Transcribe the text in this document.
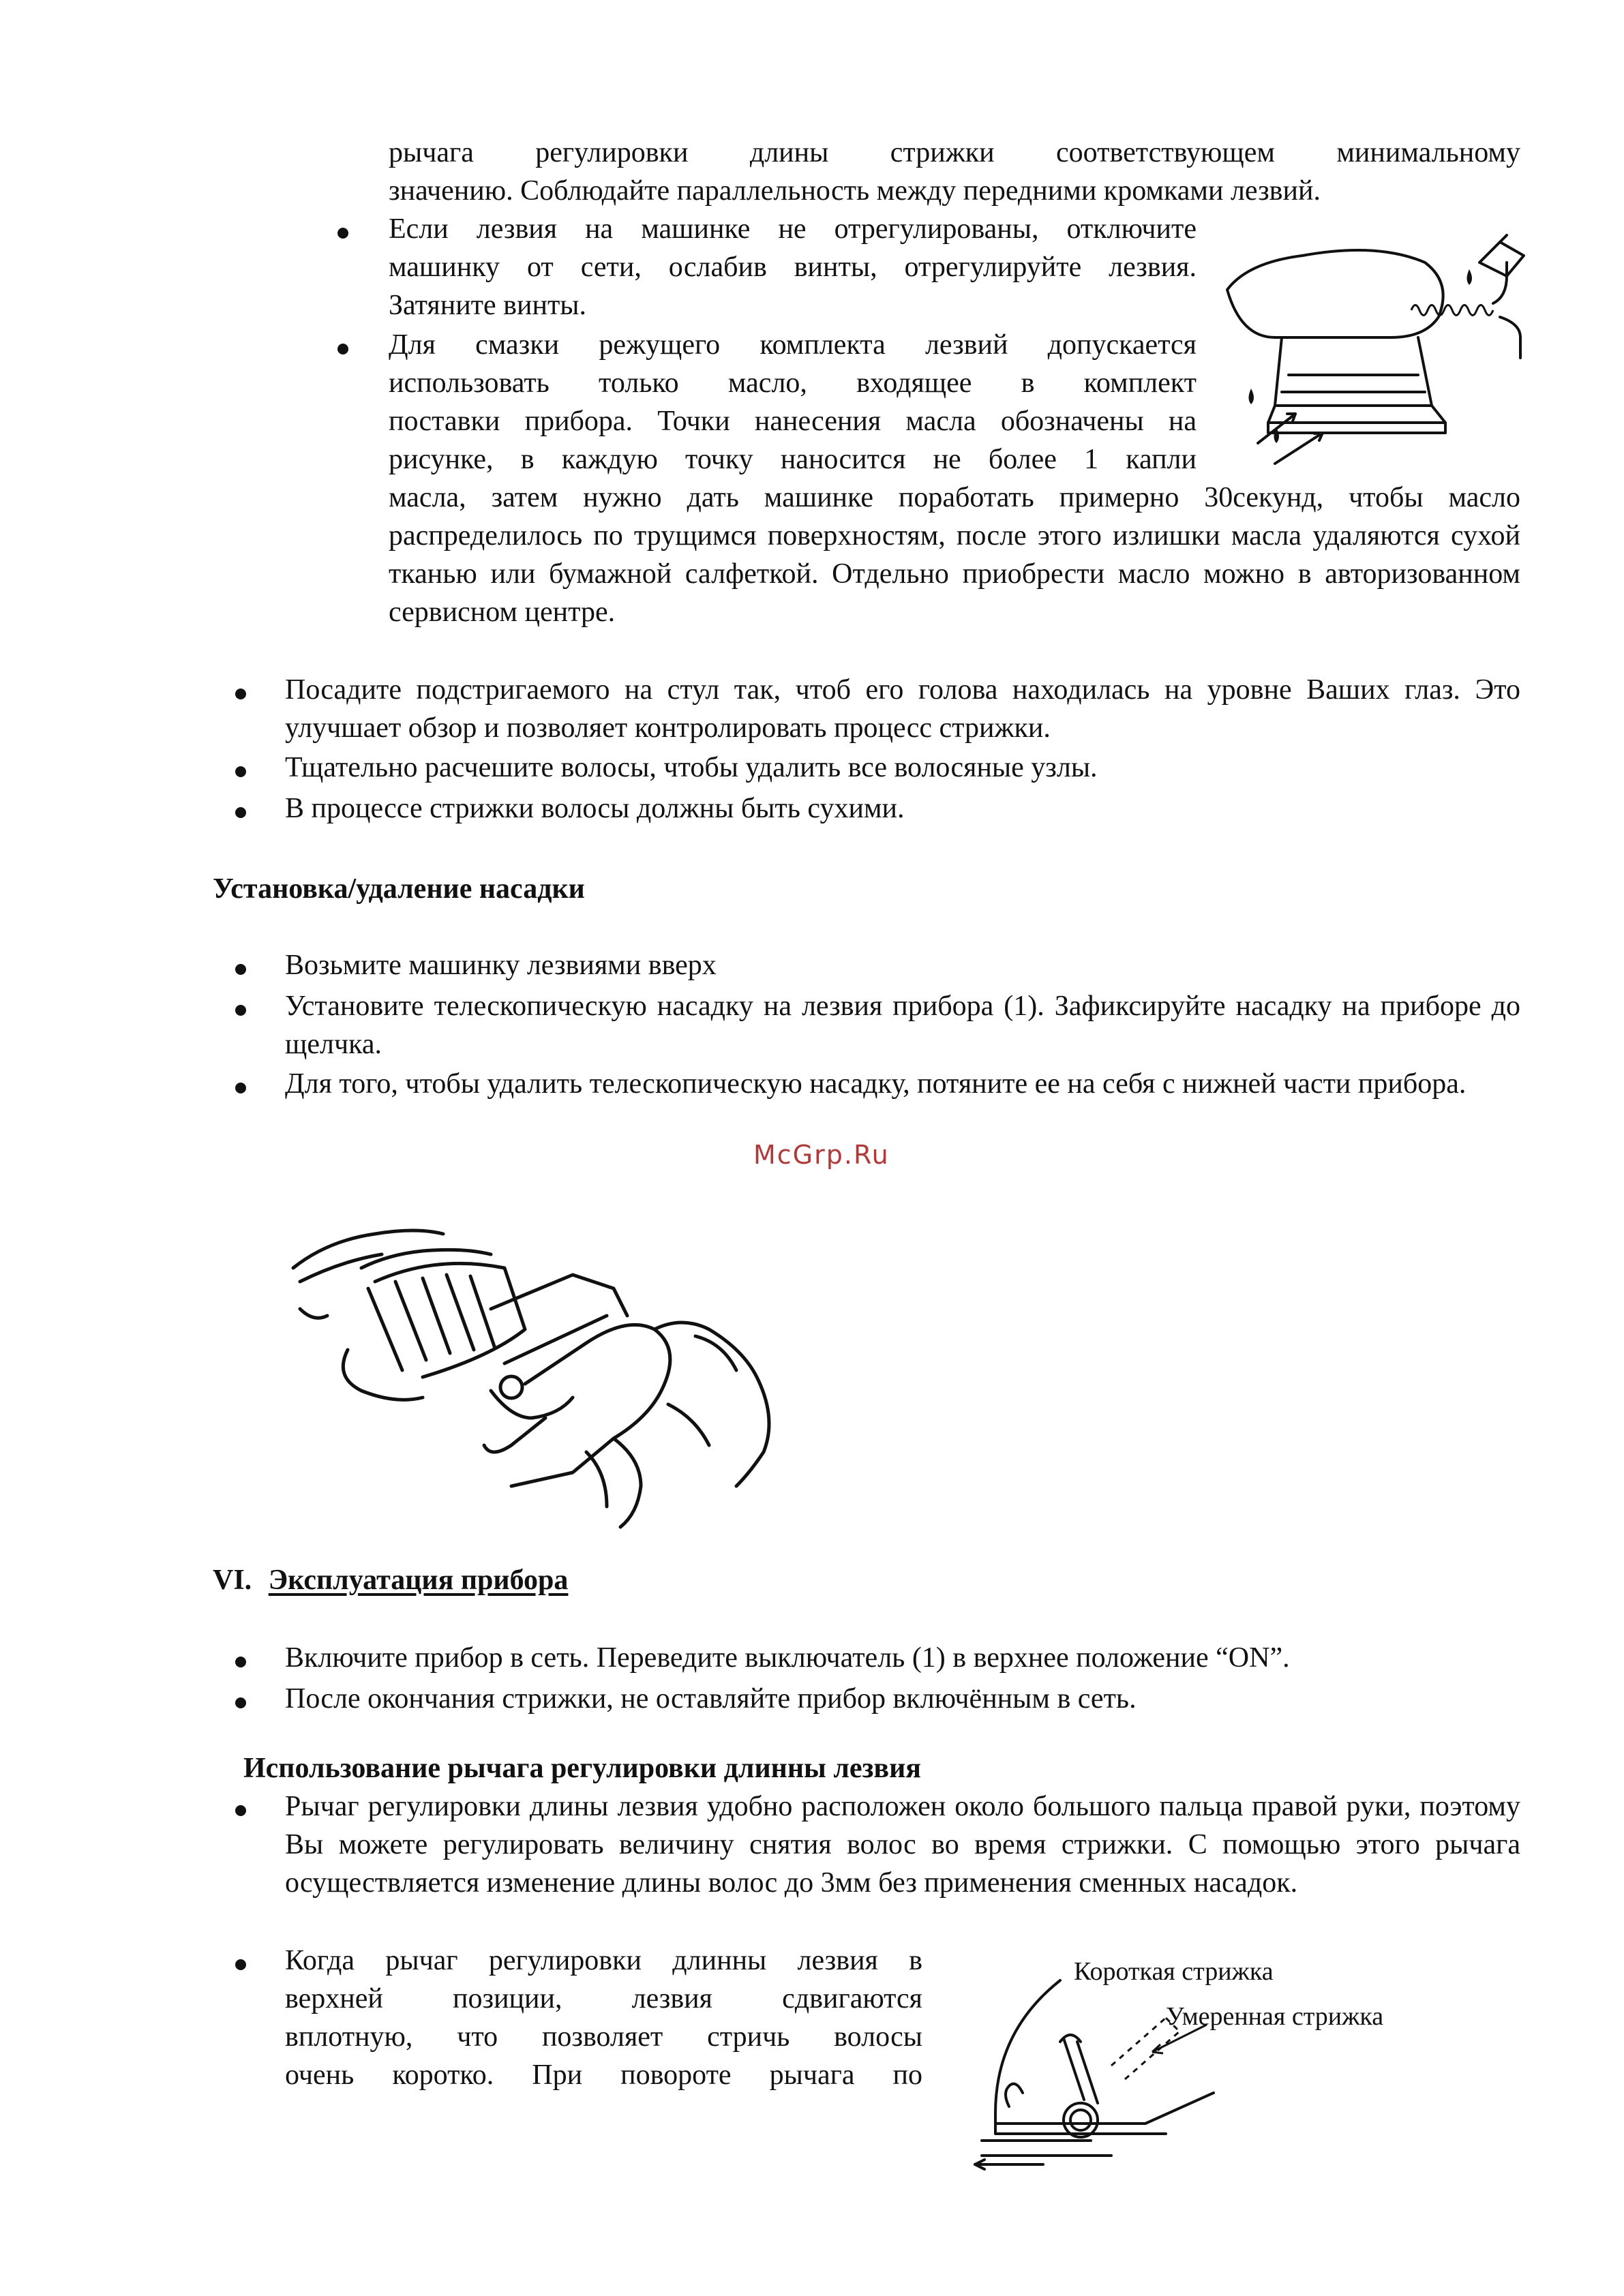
рычага регулировки длины стрижки соответствующем минимальному

значению. Соблюдайте параллельность между передними кромками лезвий.

Если лезвия на машинке не отрегулированы, отключите

машинку от сети, ослабив винты, отрегулируйте лезвия.

Затяните винты.

Для смазки режущего комплекта лезвий допускается

использовать только масло, входящее в комплект

поставки прибора. Точки нанесения масла обозначены на

рисунке, в каждую точку наносится не более 1 капли

масла, затем нужно дать машинке поработать примерно 30секунд, чтобы масло распределилось по трущимся поверхностям, после этого излишки масла удаляются сухой тканью или бумажной салфеткой. Отдельно приобрести масло можно в авторизованном сервисном центре.

Посадите подстригаемого на стул так, чтоб его голова находилась на уровне Ваших глаз. Это улучшает обзор и позволяет контролировать процесс стрижки.

Тщательно расчешите волосы, чтобы удалить все волосяные узлы.

В процессе стрижки волосы должны быть сухими.

Установка/удаление насадки

Возьмите машинку лезвиями вверх

Установите телескопическую насадку на лезвия прибора (1). Зафиксируйте насадку на приборе до щелчка.

Для того, чтобы удалить телескопическую насадку, потяните ее на себя с нижней части прибора.

McGrp.Ru
VI. Эксплуатация прибора

Включите прибор в сеть. Переведите выключатель (1) в верхнее положение “ON”.

После окончания стрижки, не оставляйте прибор включённым в сеть.

Использование рычага регулировки длинны лезвия

Рычаг регулировки длины лезвия удобно расположен около большого пальца правой руки, поэтому Вы можете регулировать величину снятия волос во время стрижки. С помощью этого рычага осуществляется изменение длины волос до 3мм без применения сменных насадок.

Когда рычаг регулировки длинны лезвия в

верхней позиции, лезвия сдвигаются

вплотную, что позволяет стричь волосы

очень коротко. При повороте рычага по

Короткая стрижка
Умеренная стрижка
